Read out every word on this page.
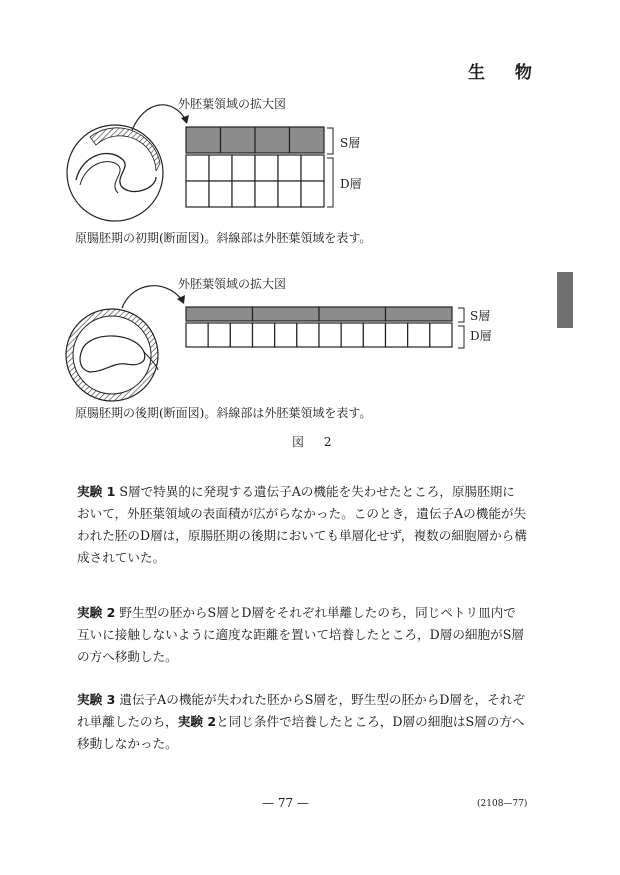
生 物
外胚葉領域の拡大図
S層
D層
原腸胚期の初期(断面図)。斜線部は外胚葉領域を表す。
外胚葉領域の拡大図
S層
D層
原腸胚期の後期(断面図)。斜線部は外胚葉領域を表す。
図 2
実験 1 S層で特異的に発現する遺伝子Aの機能を失わせたところ，原腸胚期において，外胚葉領域の表面積が広がらなかった。このとき，遺伝子Aの機能が失われた胚のD層は，原腸胚期の後期においても単層化せず，複数の細胞層から構成されていた。
実験 2 野生型の胚からS層とD層をそれぞれ単離したのち，同じペトリ皿内で互いに接触しないように適度な距離を置いて培養したところ，D層の細胞がS層の方へ移動した。
実験 3 遺伝子Aの機能が失われた胚からS層を，野生型の胚からD層を，それぞれ単離したのち，実験 2と同じ条件で培養したところ，D層の細胞はS層の方へ移動しなかった。
— 77 —	(2108—77)
